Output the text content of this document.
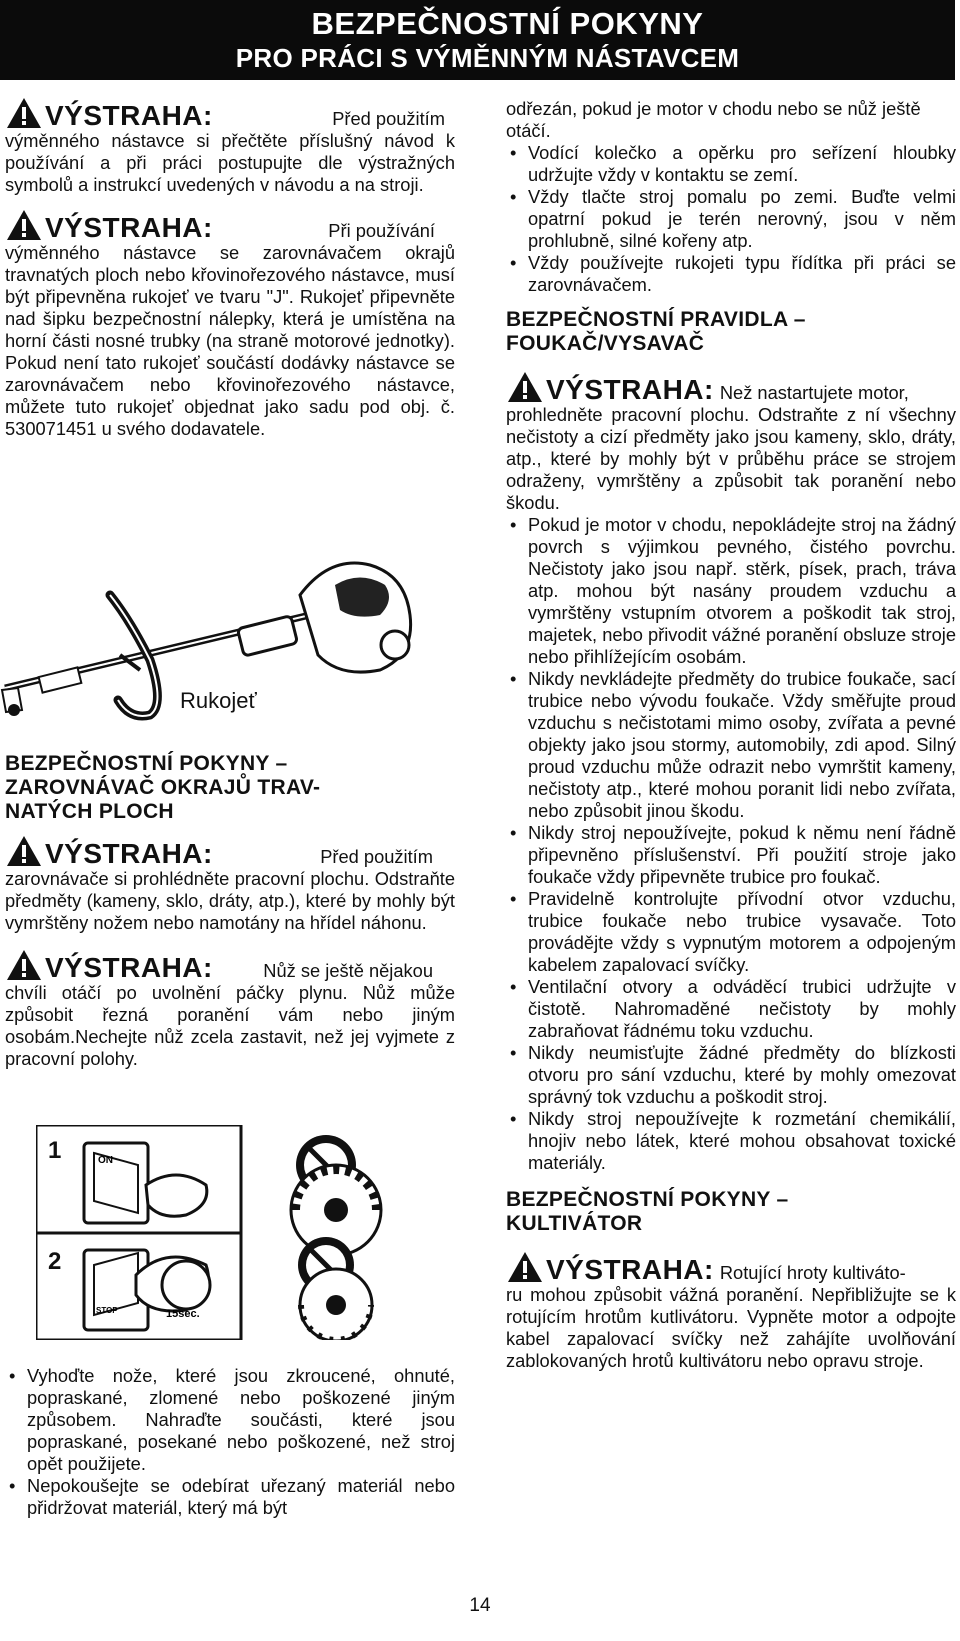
BEZPEČNOSTNÍ POKYNY
PRO PRÁCI S VÝMĚNNÝM NÁSTAVCEM
VÝSTRAHA:	Před použitím

výměnného nástavce si přečtěte příslušný návod k používání a při práci postupujte dle výstražných symbolů a instrukcí uvedených v návodu a na stroji.

VÝSTRAHA:	Při používání

výměnného nástavce se zarovnávačem okrajů travnatých ploch nebo křovinořezového nástavce, musí být připevněna rukojeť ve tvaru "J". Rukojeť připevněte nad šipku bezpečnostní nálepky, která je umístěna na horní části nosné trubky (na straně motorové jednotky). Pokud není tato rukojeť součástí dodávky nástavce se zarovnávačem nebo křovinořezového nástavce, můžete tuto rukojeť objednat jako sadu pod obj. č. 530071451 u svého dodavatele.

Rukojeť
BEZPEČNOSTNÍ POKYNY – ZAROVNÁVAČ OKRAJŮ TRAV-NATÝCH PLOCH
VÝSTRAHA:	Před použitím

zarovnávače si prohlédněte pracovní plochu. Odstraňte předměty (kameny, sklo, dráty, atp.), které by mohly být vymrštěny nožem nebo namotány na hřídel náhonu.

VÝSTRAHA:	Nůž se ještě nějakou

chvíli otáčí po uvolnění páčky plynu. Nůž může způsobit řezná poranění vám nebo jiným osobám.Nechejte nůž zcela zastavit, než jej vyjmete z pracovní polohy.

ON
STOP	15sec.
1
2
• Vyhoďte nože, které jsou zkroucené, ohnuté, popraskané, zlomené nebo poškozené jiným způsobem. Nahraďte součásti, které jsou popraskané, posekané nebo poškozené, než stroj opět použijete.
• Nepokoušejte se odebírat uřezaný materiál nebo přidržovat materiál, který má být

odřezán, pokud je motor v chodu nebo se nůž ještě otáčí.

• Vodící kolečko a opěrku pro seřízení hloubky udržujte vždy v kontaktu se zemí.
• Vždy tlačte stroj pomalu po zemi. Buďte velmi opatrní pokud je terén nerovný, jsou v něm prohlubně, silné kořeny atp.
• Vždy používejte rukojeti typu řídítka při práci se zarovnávačem.
BEZPEČNOSTNÍ PRAVIDLA – FOUKAČ/VYSAVAČ
VÝSTRAHA: Než nastartujete motor,

prohledněte pracovní plochu. Odstraňte z ní všechny nečistoty a cizí předměty jako jsou kameny, sklo, dráty, atp., které by mohly být v průběhu práce se strojem odraženy, vymrštěny a způsobit tak poranění nebo škodu.

• Pokud je motor v chodu, nepokládejte stroj na žádný povrch s výjimkou pevného, čistého povrchu. Nečistoty jako jsou např. stěrk, písek, prach, tráva atp. mohou být nasány proudem vzduchu a vymrštěny vstupním otvorem a poškodit tak stroj, majetek, nebo přivodit vážné poranění obsluze stroje nebo přihlížejícím osobám.
• Nikdy nevkládejte předměty do trubice foukače, sací trubice nebo vývodu foukače. Vždy směřujte proud vzduchu s nečistotami mimo osoby, zvířata a pevné objekty jako jsou stormy, automobily, zdi apod. Silný proud vzduchu může odrazit nebo vymrštit kameny, nečistoty atp., které mohou poranit lidi nebo zvířata, nebo způsobit jinou škodu.
• Nikdy stroj nepoužívejte, pokud k němu není řádně připevněno příslušenství. Při použití stroje jako foukače vždy připevněte trubice pro foukač.
• Pravidelně kontrolujte přívodní otvor vzduchu, trubice foukače nebo trubice vysavače. Toto provádějte vždy s vypnutým motorem a odpojeným kabelem zapalovací svíčky.
• Ventilační otvory a odváděcí trubici udržujte v čistotě. Nahromaděné nečistoty by mohly zabraňovat řádnému toku vzduchu.
• Nikdy neumisťujte žádné předměty do blízkosti otvoru pro sání vzduchu, které by mohly omezovat správný tok vzduchu a poškodit stroj.
• Nikdy stroj nepoužívejte k rozmetání chemikálií, hnojiv nebo látek, které mohou obsahovat toxické materiály.
BEZPEČNOSTNÍ POKYNY – KULTIVÁTOR
VÝSTRAHA: Rotující hroty kultiváto-

ru mohou způsobit vážná poranění. Nepřibližujte se k rotujícím hrotům kutlivátoru. Vypněte motor a odpojte kabel zapalovací svíčky než zahájíte uvolňování zablokovaných hrotů kultivátoru nebo opravu stroje.

14
